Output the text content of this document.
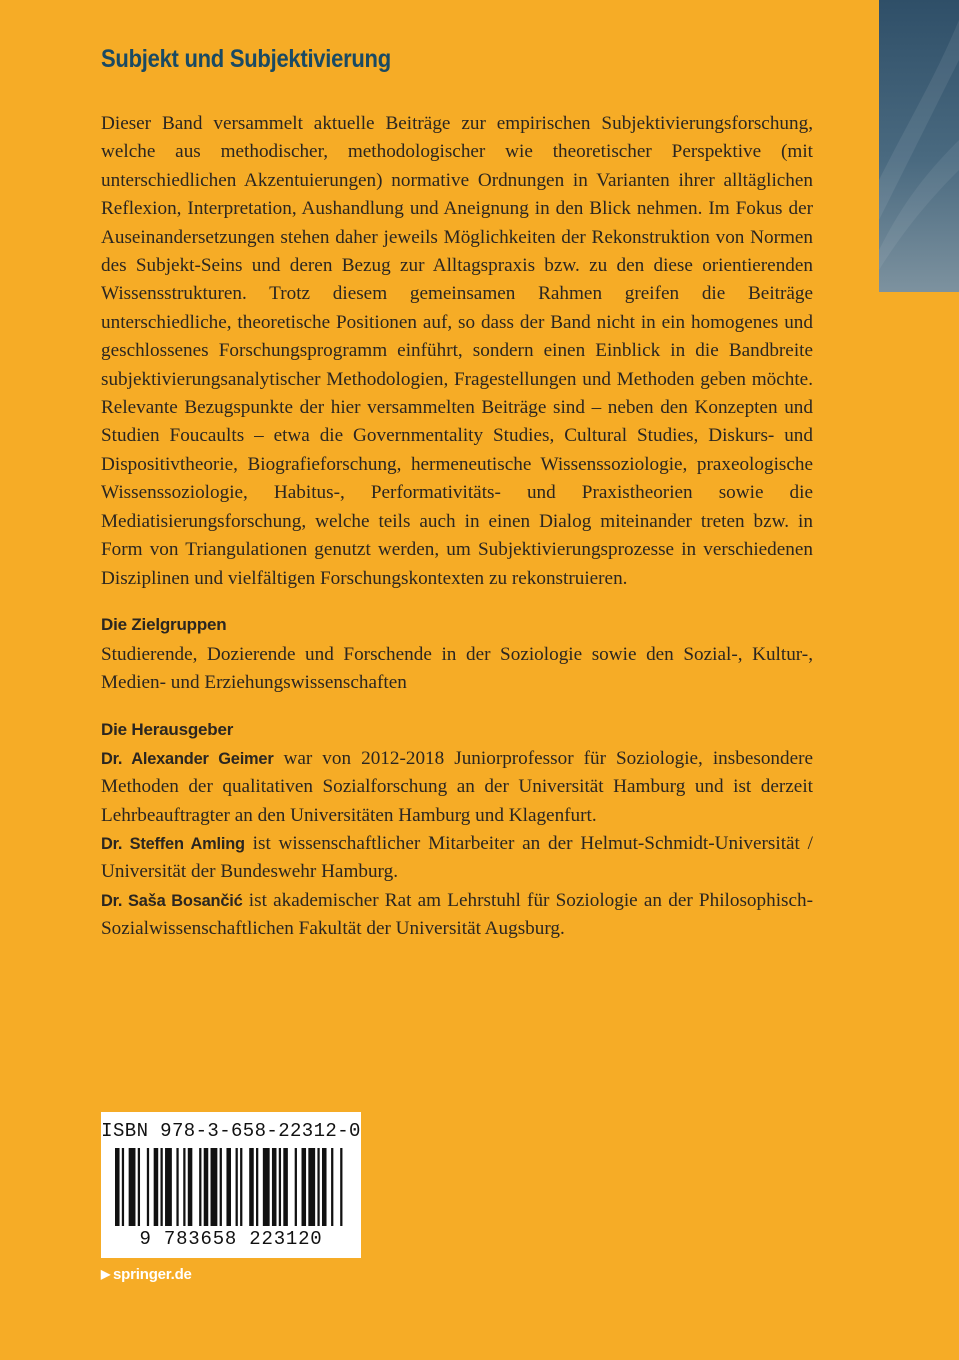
Subjekt und Subjektivierung

Dieser Band versammelt aktuelle Beiträge zur empirischen Subjektivierungsforschung, welche aus methodischer, methodologischer wie theoretischer Perspektive (mit unterschiedlichen Akzentuierungen) normative Ordnungen in Varianten ihrer alltäglichen Reflexion, Interpretation, Aushandlung und Aneignung in den Blick nehmen. Im Fokus der Auseinandersetzungen stehen daher jeweils Möglichkeiten der Rekonstruktion von Normen des Subjekt-Seins und deren Bezug zur Alltagspraxis bzw. zu den diese orientierenden Wissensstrukturen. Trotz diesem gemeinsamen Rahmen greifen die Beiträge unterschiedliche, theoretische Positionen auf, so dass der Band nicht in ein homogenes und geschlossenes Forschungsprogramm einführt, sondern einen Einblick in die Bandbreite subjektivierungsanalytischer Methodologien, Fragestellungen und Methoden geben möchte. Relevante Bezugspunkte der hier versammelten Beiträge sind – neben den Konzepten und Studien Foucaults – etwa die Governmentality Studies, Cultural Studies, Diskurs- und Dispositivtheorie, Biografieforschung, hermeneutische Wissenssoziologie, praxeologische Wissenssoziologie, Habitus-, Performativitäts- und Praxistheorien sowie die Mediatisierungsforschung, welche teils auch in einen Dialog miteinander treten bzw. in Form von Triangulationen genutzt werden, um Subjektivierungsprozesse in verschiedenen Disziplinen und vielfältigen Forschungskontexten zu rekonstruieren.

Die Zielgruppen

Studierende, Dozierende und Forschende in der Soziologie sowie den Sozial-, Kultur-, Medien- und Erziehungswissenschaften

Die Herausgeber

Dr. Alexander Geimer war von 2012-2018 Juniorprofessor für Soziologie, insbesondere Methoden der qualitativen Sozialforschung an der Universität Hamburg und ist derzeit Lehrbeauftragter an den Universitäten Hamburg und Klagenfurt.

Dr. Steffen Amling ist wissenschaftlicher Mitarbeiter an der Helmut-Schmidt-Universität / Universität der Bundeswehr Hamburg.

Dr. Saša Bosančić ist akademischer Rat am Lehrstuhl für Soziologie an der Philosophisch-Sozialwissenschaftlichen Fakultät der Universität Augsburg.

ISBN 978-3-658-22312-0
9 783658 223120
▶ springer.de
